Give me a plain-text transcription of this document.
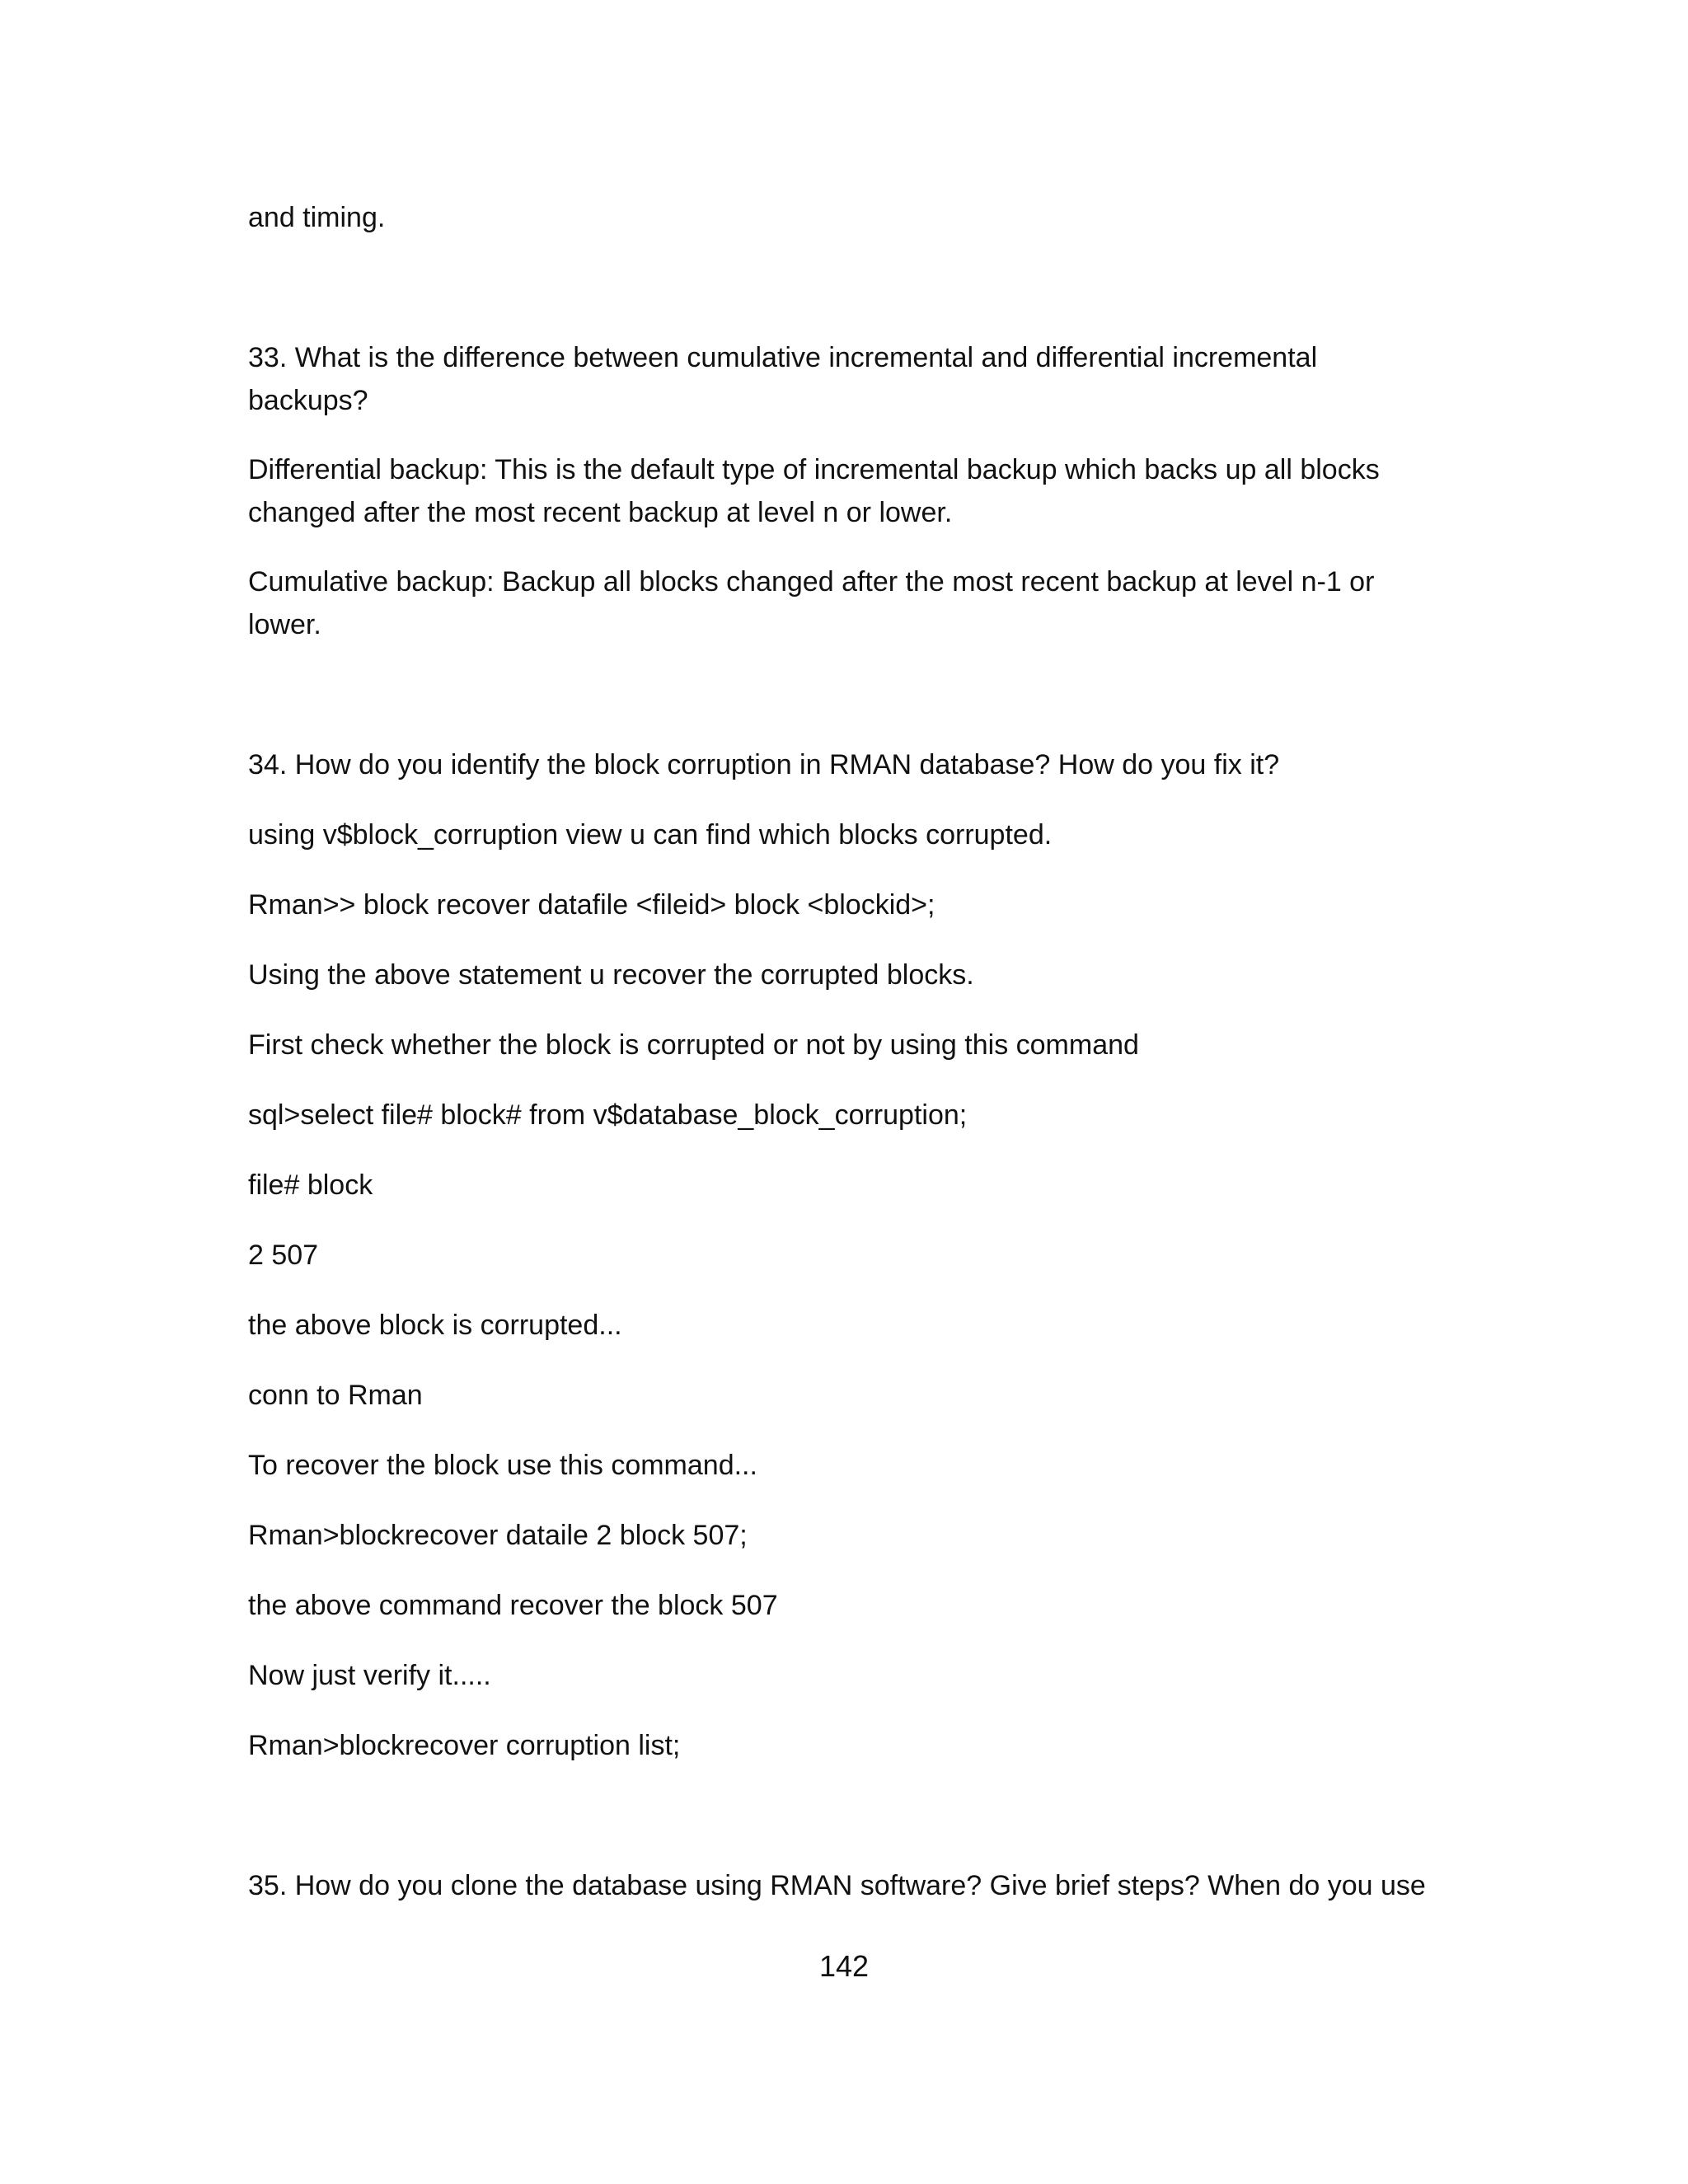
and timing.

33. What is the difference between cumulative incremental and differential incremental

backups?

Differential backup: This is the default type of incremental backup which backs up all blocks

changed after the most recent backup at level n or lower.

Cumulative backup: Backup all blocks changed after the most recent backup at level n-1 or

lower.

34. How do you identify the block corruption in RMAN database? How do you fix it?

using v$block_corruption view u can find which blocks corrupted.

Rman>> block recover datafile <fileid> block <blockid>;

Using the above statement u recover the corrupted blocks.

First check whether the block is corrupted or not by using this command

sql>select file# block# from v$database_block_corruption;

file# block

2 507

the above block is corrupted...

conn to Rman

To recover the block use this command...

Rman>blockrecover dataile 2 block 507;

the above command recover the block 507

Now just verify it.....

Rman>blockrecover corruption list;

35. How do you clone the database using RMAN software? Give brief steps? When do you use

142
